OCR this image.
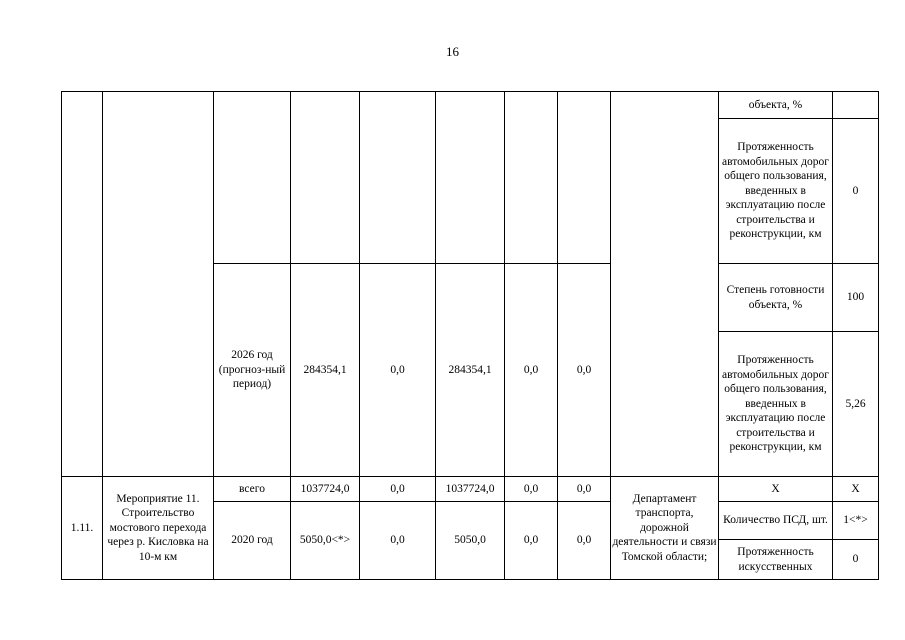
16
									объекта, %	
									Протяженность автомобильных дорог общего пользования, введенных в эксплуатацию после строительства и реконструкции, км	0
		2026 год (прогноз-ный период)	284354,1	0,0	284354,1	0,0	0,0		Степень готовности объекта, %	100
									Протяженность автомобильных дорог общего пользования, введенных в эксплуатацию после строительства и реконструкции, км	5,26

1.11.	Мероприятие 11. Строительство мостового перехода через р. Кисловка на 10-м км	всего	1037724,0	0,0	1037724,0	0,0	0,0	Департамент транспорта, дорожной деятельности и связи Томской области;	Х	Х
		2020 год	5050,0<*>	0,0	5050,0	0,0	0,0		Количество ПСД, шт.	1<*>
									Протяженность искусственных	0
